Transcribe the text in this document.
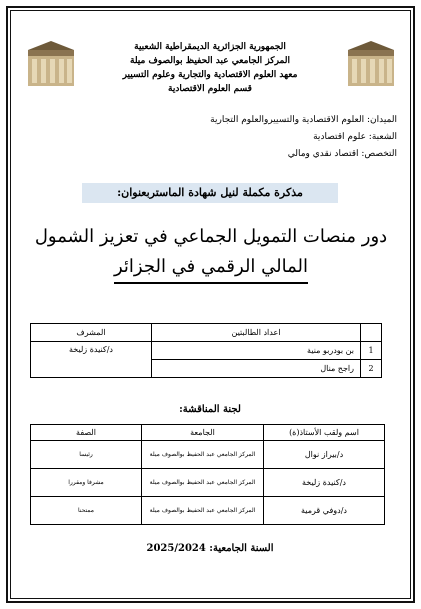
الجمهورية الجزائرية الديمقراطية الشعبية
المركز الجامعي عبد الحفيظ بوالصوف ميلة
معهد العلوم الاقتصادية والتجارية وعلوم التسيير
قسم العلوم الاقتصادية
الميدان: العلوم الاقتصادية والتسييروالعلوم التجارية
الشعبة: علوم اقتصادية
التخصص: اقتصاد نقدي ومالي
مذكرة مكملة لنيل شهادة الماستربعنوان:
دور منصات التمويل الجماعي في تعزيز الشمول
المالي الرقمي في الجزائر
	اعداد الطالبتين	المشرف
1	بن بودربو منية	د/كنيدة زليخة
2	راجح منال	
لجنة المناقشة:
اسم ولقب الأستاذ(ة)	الجامعة	الصفة
د/بيراز نوال	المركز الجامعي عبد الحفيظ بوالصوف ميلة	رئيسا
د/كنيدة زليخة	المركز الجامعي عبد الحفيظ بوالصوف ميلة	مشرفا ومقررا
د/دوفي قرمية	المركز الجامعي عبد الحفيظ بوالصوف ميلة	ممتحنا
السنة الجامعية: 2025/2024
